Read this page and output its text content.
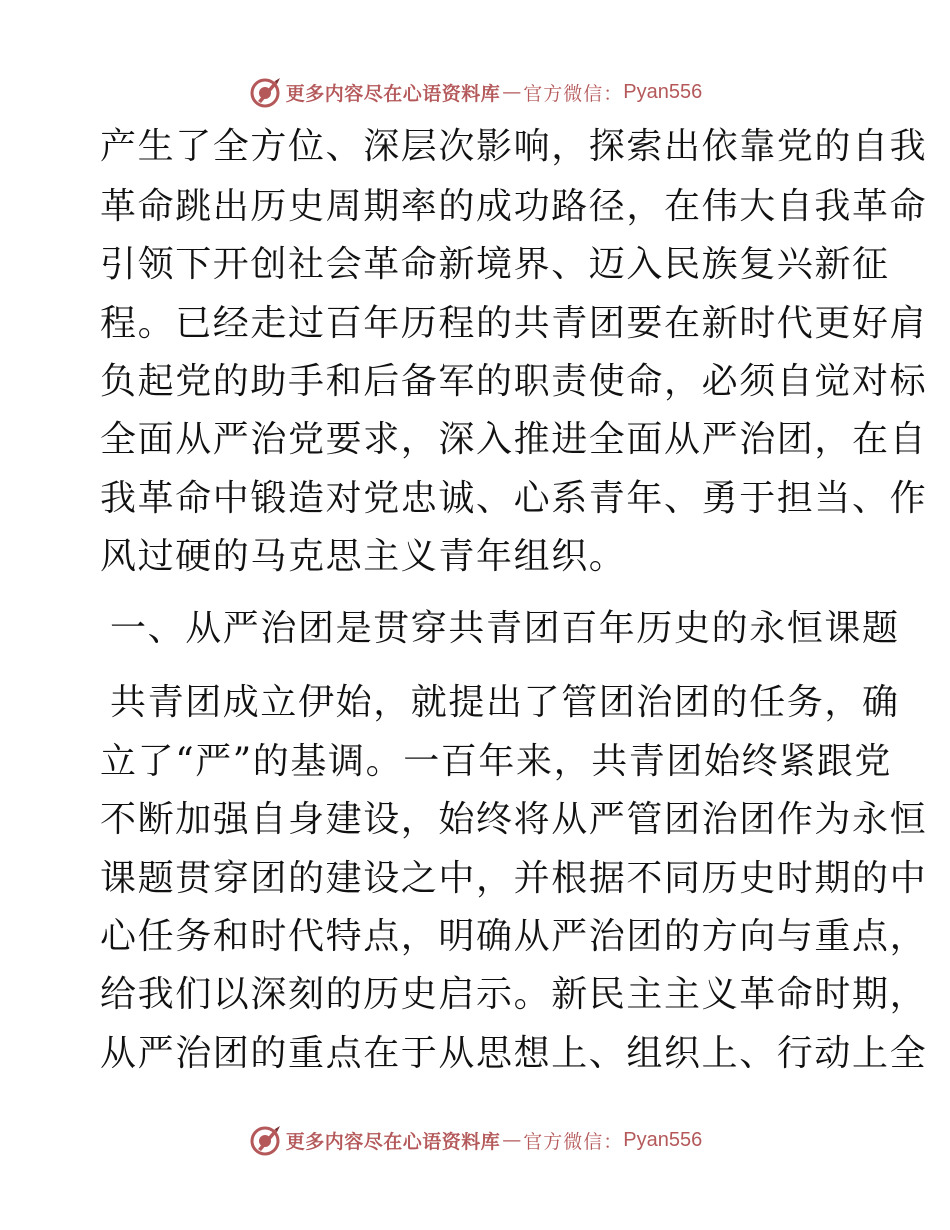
更多内容尽在心语资料库 — 官方微信： Pyan556
产生了全方位、深层次影响，探索出依靠党的自我
革命跳出历史周期率的成功路径，在伟大自我革命
引领下开创社会革命新境界、迈入民族复兴新征
程。已经走过百年历程的共青团要在新时代更好肩
负起党的助手和后备军的职责使命，必须自觉对标
全面从严治党要求，深入推进全面从严治团，在自
我革命中锻造对党忠诚、心系青年、勇于担当、作
风过硬的马克思主义青年组织。
一、从严治团是贯穿共青团百年历史的永恒课题
共青团成立伊始，就提出了管团治团的任务，确
立了“严”的基调。一百年来，共青团始终紧跟党
不断加强自身建设，始终将从严管团治团作为永恒
课题贯穿团的建设之中，并根据不同历史时期的中
心任务和时代特点，明确从严治团的方向与重点，
给我们以深刻的历史启示。新民主主义革命时期，
从严治团的重点在于从思想上、组织上、行动上全
更多内容尽在心语资料库 — 官方微信： Pyan556
